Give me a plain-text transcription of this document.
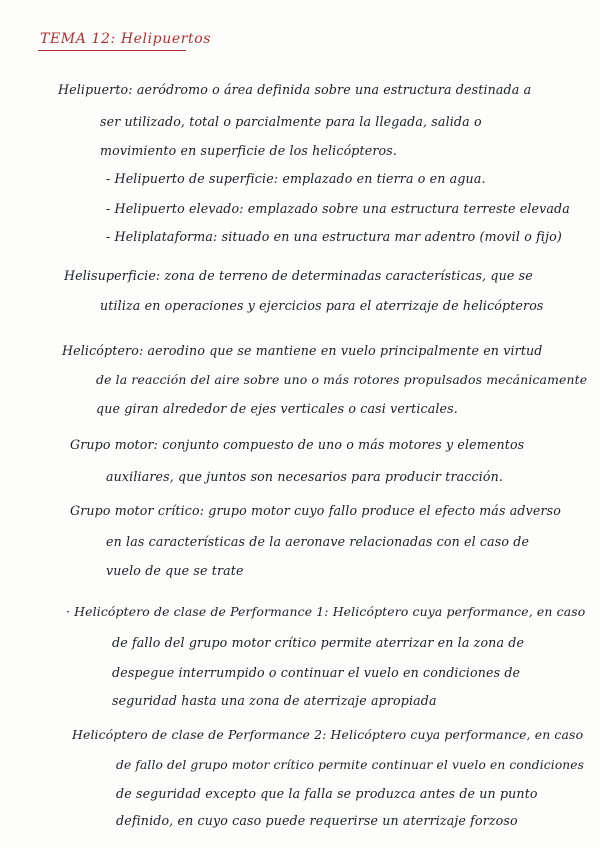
TEMA 12: Helipuertos
Helipuerto: aeródromo o área definida sobre una estructura destinada a
ser utilizado, total o parcialmente para la llegada, salida o
movimiento en superficie de los helicópteros.
- Helipuerto de superficie: emplazado en tierra o en agua.
- Helipuerto elevado: emplazado sobre una estructura terreste elevada
- Heliplataforma: situado en una estructura mar adentro (movil o fijo)
Helisuperficie: zona de terreno de determinadas características, que se
utiliza en operaciones y ejercicios para el aterrizaje de helicópteros
Helicóptero: aerodino que se mantiene en vuelo principalmente en virtud
de la reacción del aire sobre uno o más rotores propulsados mecánicamente
que giran alrededor de ejes verticales o casi verticales.
Grupo motor: conjunto compuesto de uno o más motores y elementos
auxiliares, que juntos son necesarios para producir tracción.
Grupo motor crítico: grupo motor cuyo fallo produce el efecto más adverso
en las características de la aeronave relacionadas con el caso de
vuelo de que se trate
· Helicóptero de clase de Performance 1: Helicóptero cuya performance, en caso
de fallo del grupo motor crítico permite aterrizar en la zona de
despegue interrumpido o continuar el vuelo en condiciones de
seguridad hasta una zona de aterrizaje apropiada
Helicóptero de clase de Performance 2: Helicóptero cuya performance, en caso
de fallo del grupo motor crítico permite continuar el vuelo en condiciones
de seguridad excepto que la falla se produzca antes de un punto
definido, en cuyo caso puede requerirse un aterrizaje forzoso
